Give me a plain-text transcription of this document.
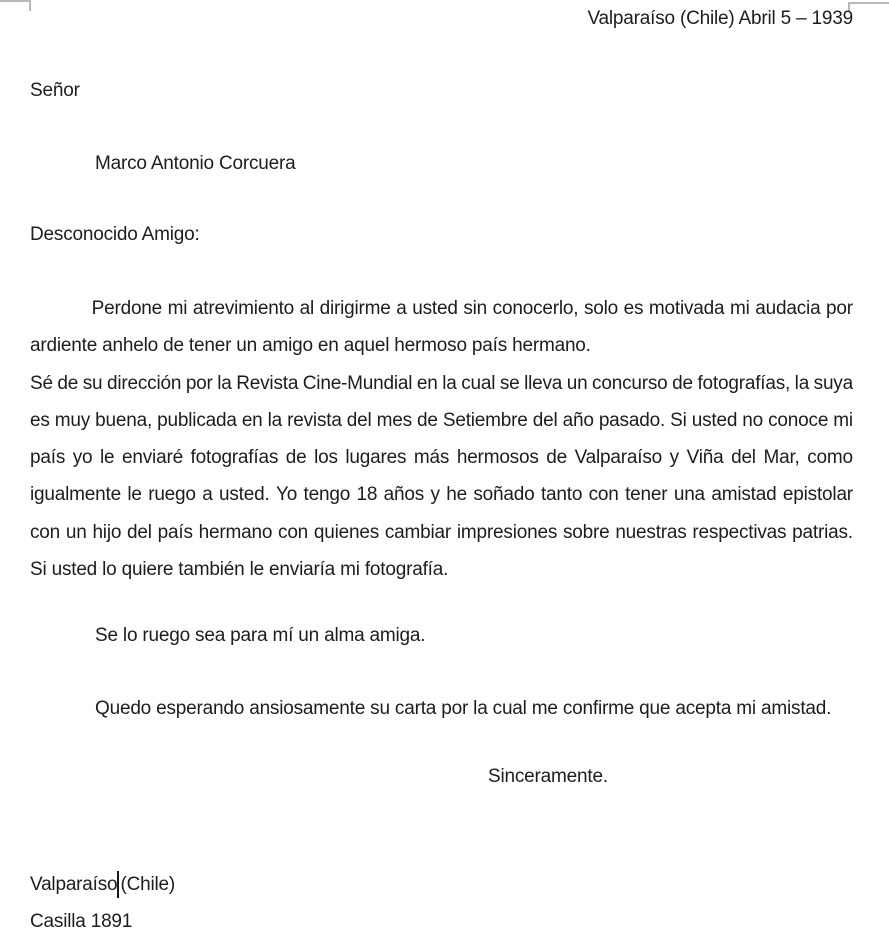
Valparaíso (Chile) Abril 5 – 1939
Señor
Marco Antonio Corcuera
Desconocido Amigo:
Perdone mi atrevimiento al dirigirme a usted sin conocerlo, solo es motivada mi audacia por
ardiente anhelo de tener un amigo en aquel hermoso país hermano.
Sé de su dirección por la Revista Cine-Mundial en la cual se lleva un concurso de fotografías, la suya
es muy buena, publicada en la revista del mes de Setiembre del año pasado. Si usted no conoce mi
país yo le enviaré fotografías de los lugares más hermosos de Valparaíso y Viña del Mar, como
igualmente le ruego a usted. Yo tengo 18 años y he soñado tanto con tener una amistad epistolar
con un hijo del país hermano con quienes cambiar impresiones sobre nuestras respectivas patrias.
Si usted lo quiere también le enviaría mi fotografía.
Se lo ruego sea para mí un alma amiga.
Quedo esperando ansiosamente su carta por la cual me confirme que acepta mi amistad.
Sinceramente.
Valparaíso (Chile)
Casilla 1891
